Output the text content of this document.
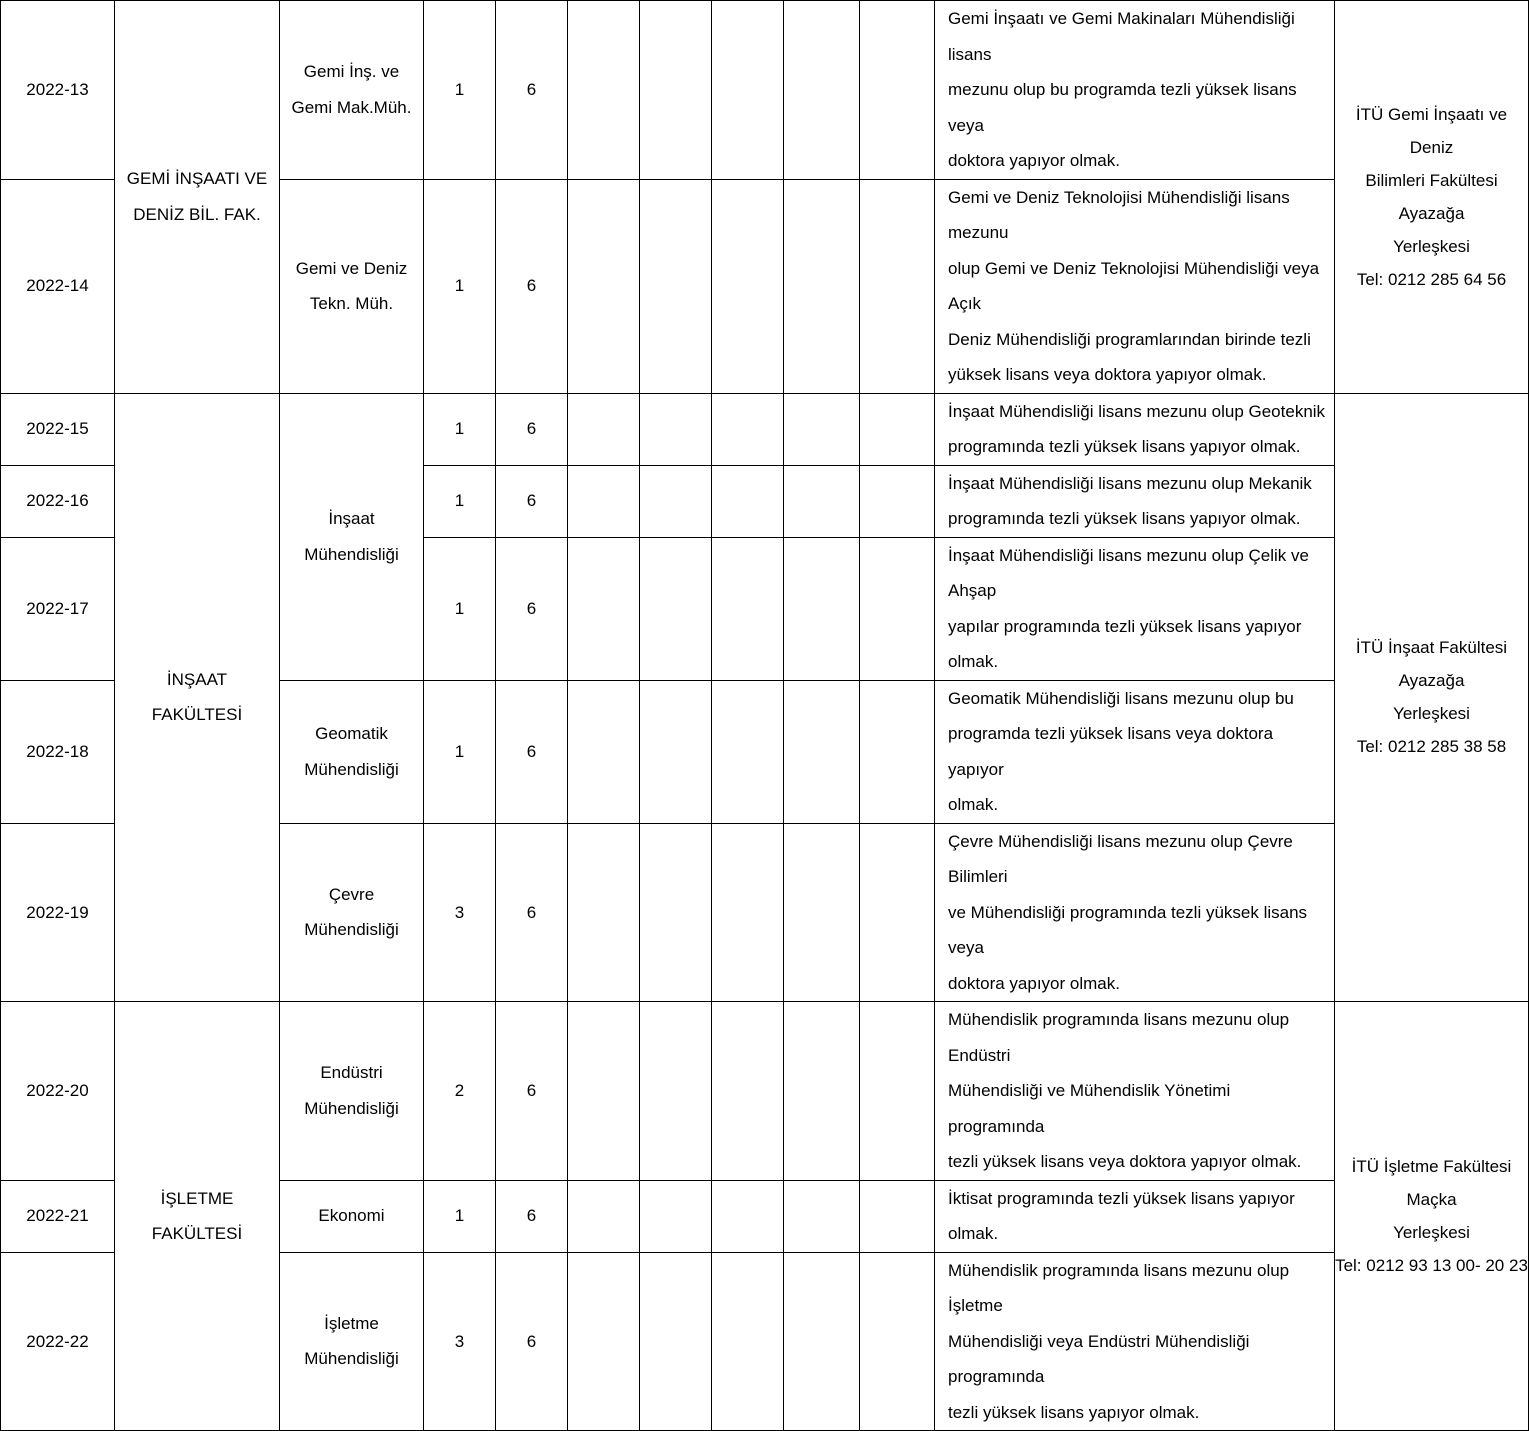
2022-13	GEMİ İNŞAATI VE
DENİZ BİL. FAK.	Gemi İnş. ve
Gemi Mak.Müh.	1	6						Gemi İnşaatı ve Gemi Makinaları Mühendisliği lisans
mezunu olup bu programda tezli yüksek lisans veya
doktora yapıyor olmak.	İTÜ Gemi İnşaatı ve Deniz
Bilimleri Fakültesi Ayazağa
Yerleşkesi
Tel: 0212 285 64 56

2022-14		Gemi ve Deniz
Tekn. Müh.	1	6						Gemi ve Deniz Teknolojisi Mühendisliği lisans mezunu
olup Gemi ve Deniz Teknolojisi Mühendisliği veya Açık
Deniz Mühendisliği programlarından birinde tezli
yüksek lisans veya doktora yapıyor olmak.	

2022-15	İNŞAAT
FAKÜLTESİ	İnşaat
Mühendisliği	1	6						İnşaat Mühendisliği lisans mezunu olup Geoteknik
programında tezli yüksek lisans yapıyor olmak.	İTÜ İnşaat Fakültesi Ayazağa
Yerleşkesi
Tel: 0212 285 38 58

2022-16			1	6						İnşaat Mühendisliği lisans mezunu olup Mekanik
programında tezli yüksek lisans yapıyor olmak.	

2022-17			1	6						İnşaat Mühendisliği lisans mezunu olup Çelik ve Ahşap
yapılar programında tezli yüksek lisans yapıyor olmak.	

2022-18		Geomatik
Mühendisliği	1	6						Geomatik Mühendisliği lisans mezunu olup bu
programda tezli yüksek lisans veya doktora yapıyor
olmak.	

2022-19		Çevre
Mühendisliği	3	6						Çevre Mühendisliği lisans mezunu olup Çevre Bilimleri
ve Mühendisliği programında tezli yüksek lisans veya
doktora yapıyor olmak.	

2022-20	İŞLETME
FAKÜLTESİ	Endüstri
Mühendisliği	2	6						Mühendislik programında lisans mezunu olup Endüstri
Mühendisliği ve Mühendislik Yönetimi programında
tezli yüksek lisans veya doktora yapıyor olmak.	İTÜ İşletme Fakültesi Maçka
Yerleşkesi
Tel: 0212 93 13 00- 20 23

2022-21		Ekonomi	1	6						İktisat programında tezli yüksek lisans yapıyor olmak.	

2022-22		İşletme
Mühendisliği	3	6						Mühendislik programında lisans mezunu olup İşletme
Mühendisliği veya Endüstri Mühendisliği programında
tezli yüksek lisans yapıyor olmak.	
